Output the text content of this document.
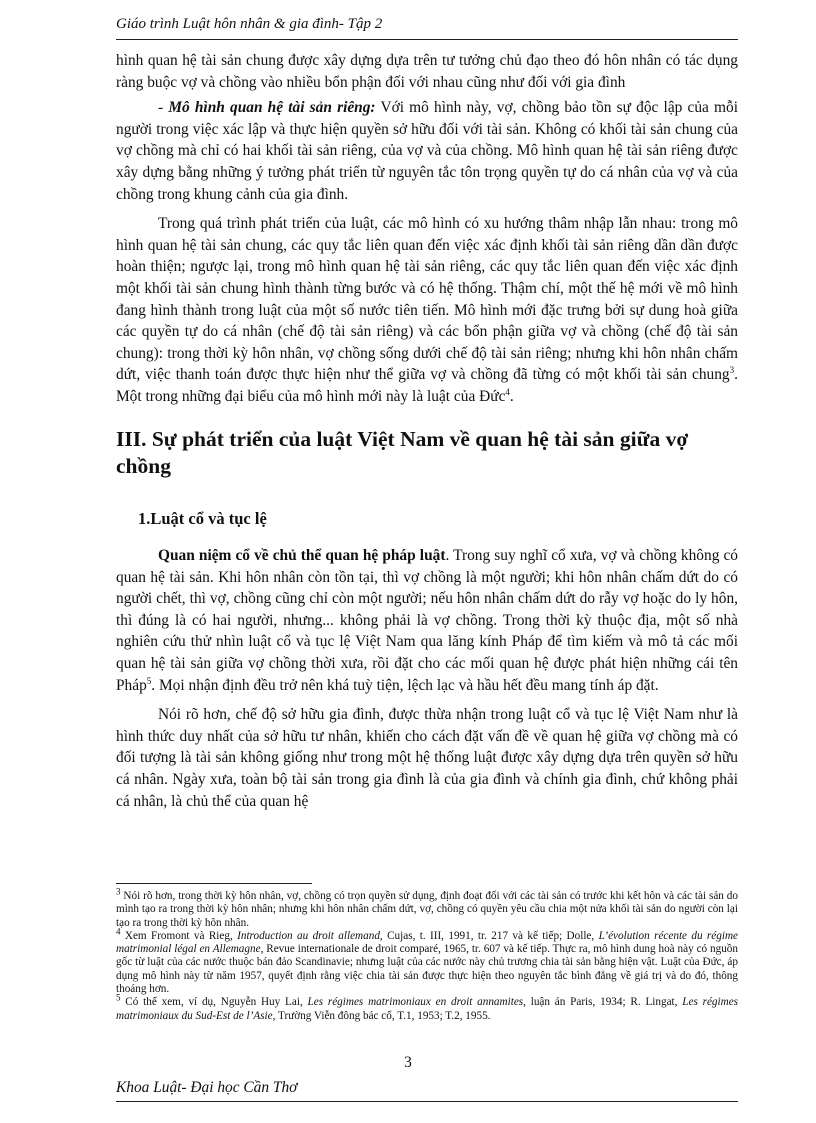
Giáo trình Luật hôn nhân & gia đình- Tập 2

hình quan hệ tài sản chung được xây dựng dựa trên tư tưởng chủ đạo theo đó hôn nhân có tác dụng ràng buộc vợ và chồng vào nhiều bổn phận đối với nhau cũng như đối với gia đình

- Mô hình quan hệ tài sản riêng: Với mô hình này, vợ, chồng bảo tồn sự độc lập của mỗi người trong việc xác lập và thực hiện quyền sở hữu đối với tài sản. Không có khối tài sản chung của vợ chồng mà chỉ có hai khối tài sản riêng, của vợ và của chồng. Mô hình quan hệ tài sản riêng được xây dựng bằng những ý tưởng phát triển từ nguyên tắc tôn trọng quyền tự do cá nhân của vợ và của chồng trong khung cảnh của gia đình.

Trong quá trình phát triển của luật, các mô hình có xu hướng thâm nhập lẫn nhau: trong mô hình quan hệ tài sản chung, các quy tắc liên quan đến việc xác định khối tài sản riêng dần dần được hoàn thiện; ngược lại, trong mô hình quan hệ tài sản riêng, các quy tắc liên quan đến việc xác định một khối tài sản chung hình thành từng bước và có hệ thống. Thậm chí, một thế hệ mới về mô hình đang hình thành trong luật của một số nước tiên tiến. Mô hình mới đặc trưng bởi sự dung hoà giữa các quyền tự do cá nhân (chế độ tài sản riêng) và các bổn phận giữa vợ và chồng (chế độ tài sản chung): trong thời kỳ hôn nhân, vợ chồng sống dưới chế độ tài sản riêng; nhưng khi hôn nhân chấm dứt, việc thanh toán được thực hiện như thể giữa vợ và chồng đã từng có một khối tài sản chung$^3$. Một trong những đại biểu của mô hình mới này là luật của Đức$^4$.

III. Sự phát triển của luật Việt Nam về quan hệ tài sản giữa vợ chồng
1.Luật cổ và tục lệ

Quan niệm cổ về chủ thể quan hệ pháp luật. Trong suy nghĩ cổ xưa, vợ và chồng không có quan hệ tài sản. Khi hôn nhân còn tồn tại, thì vợ chồng là một người; khi hôn nhân chấm dứt do có người chết, thì vợ, chồng cũng chỉ còn một người; nếu hôn nhân chấm dứt do rẫy vợ hoặc do ly hôn, thì đúng là có hai người, nhưng... không phải là vợ chồng. Trong thời kỳ thuộc địa, một số nhà nghiên cứu thử nhìn luật cổ và tục lệ Việt Nam qua lăng kính Pháp để tìm kiếm và mô tả các mối quan hệ tài sản giữa vợ chồng thời xưa, rồi đặt cho các mối quan hệ được phát hiện những cái tên Pháp$^5$. Mọi nhận định đều trở nên khá tuỳ tiện, lệch lạc và hầu hết đều mang tính áp đặt.

Nói rõ hơn, chế độ sở hữu gia đình, được thừa nhận trong luật cổ và tục lệ Việt Nam như là hình thức duy nhất của sở hữu tư nhân, khiến cho cách đặt vấn đề về quan hệ giữa vợ chồng mà có đối tượng là tài sản không giống như trong một hệ thống luật được xây dựng dựa trên quyền sở hữu cá nhân. Ngày xưa, toàn bộ tài sản trong gia đình là của gia đình và chính gia đình, chứ không phải cá nhân, là chủ thể của quan hệ

$^3$ Nói rõ hơn, trong thời kỳ hôn nhân, vợ, chồng có trọn quyền sử dụng, định đoạt đối với các tài sản có trước khi kết hôn và các tài sản do mình tạo ra trong thời kỳ hôn nhân; nhưng khi hôn nhân chấm dứt, vợ, chồng có quyền yêu cầu chia một nửa khối tài sản do người còn lại tạo ra trong thời kỳ hôn nhân.

$^4$ Xem Fromont và Rieg, Introduction au droit allemand, Cujas, t. III, 1991, tr. 217 và kế tiếp; Dolle, L’évolution récente du régime matrimonial légal en Allemagne, Revue internationale de droit comparé, 1965, tr. 607 và kế tiếp. Thực ra, mô hình dung hoà này có nguồn gốc từ luật của các nước thuộc bán đảo Scandinavie; nhưng luật của các nước này chủ trương chia tài sản bằng hiện vật. Luật của Đức, áp dụng mô hình này từ năm 1957, quyết định rằng việc chia tài sản được thực hiện theo nguyên tắc bình đẳng về giá trị và do đó, thông thoáng hơn.

$^5$ Có thể xem, ví dụ, Nguyễn Huy Lai, Les régimes matrimoniaux en droit annamites, luận án Paris, 1934; R. Lingat, Les régimes matrimoniaux du Sud-Est de l’Asie, Trường Viễn đông bác cổ, T.1, 1953; T.2, 1955.

3
Khoa Luật- Đại học Cần Thơ
